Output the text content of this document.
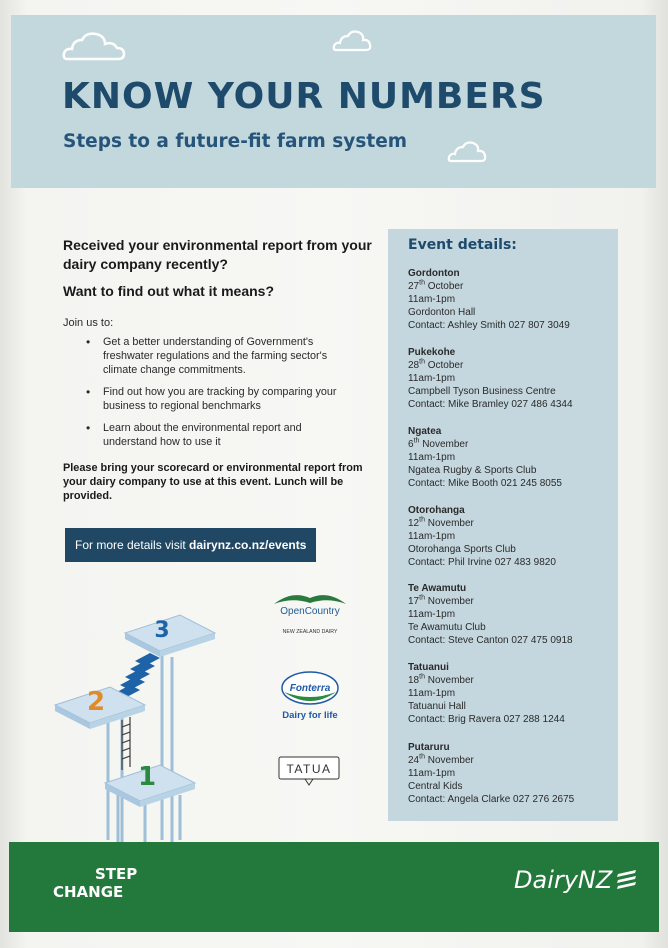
KNOW YOUR NUMBERS
Steps to a future-fit farm system

Received your environmental report from your dairy company recently?

Want to find out what it means?

Join us to:

• Get a better understanding of Government's freshwater regulations and the farming sector's climate change commitments.
• Find out how you are tracking by comparing your business to regional benchmarks
• Learn about the environmental report and understand how to use it

Please bring your scorecard or environmental report from your dairy company to use at this event. Lunch will be provided.

For more details visit dairynz.co.nz/events
Event details:
Gordonton
27th October
11am-1pm
Gordonton Hall
Contact: Ashley Smith 027 807 3049
Pukekohe
28th October
11am-1pm
Campbell Tyson Business Centre
Contact: Mike Bramley 027 486 4344
Ngatea
6th November
11am-1pm
Ngatea Rugby & Sports Club
Contact: Mike Booth 021 245 8055
Otorohanga
12th November
11am-1pm
Otorohanga Sports Club
Contact: Phil Irvine 027 483 9820
Te Awamutu
17th November
11am-1pm
Te Awamutu Club
Contact: Steve Canton 027 475 0918
Tatuanui
18th November
11am-1pm
Tatuanui Hall
Contact: Brig Ravera 027 288 1244
Putaruru
24th November
11am-1pm
Central Kids
Contact: Angela Clarke 027 276 2675
3
2
1
OpenCountry
NEW ZEALAND DAIRY
Fonterra
Dairy for life
TATUA
STEP
CHANGE	DairyNZ
